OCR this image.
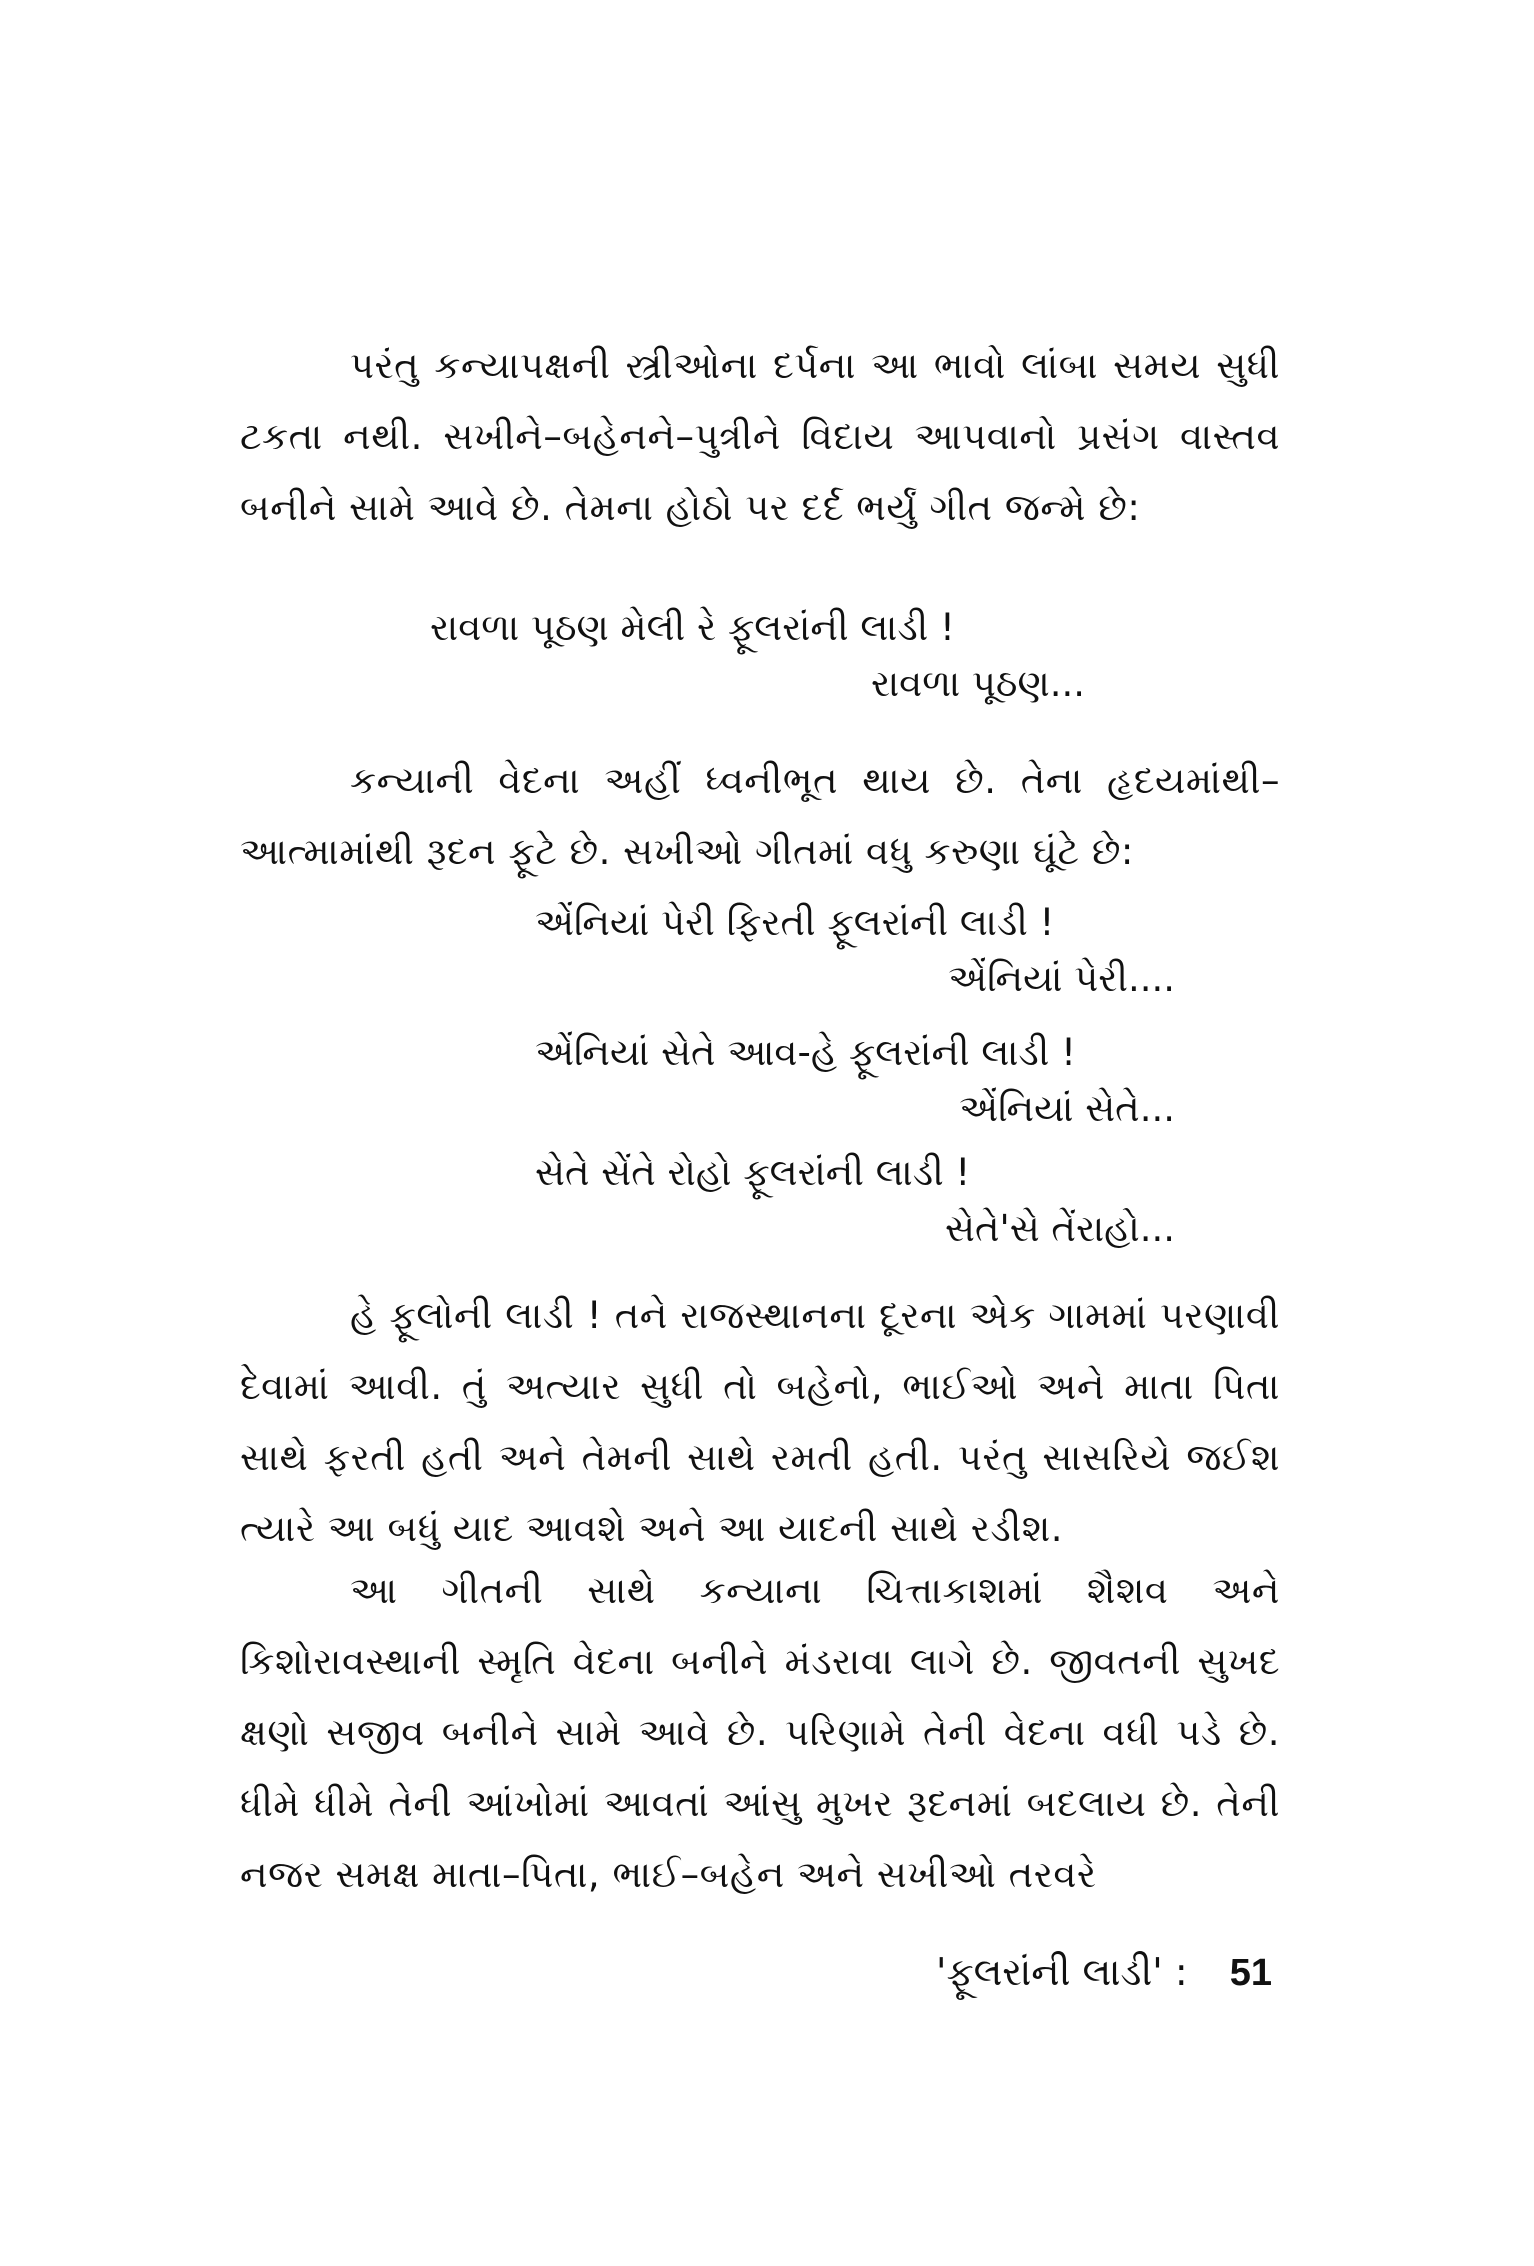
પરંતુ કન્યાપક્ષની સ્ત્રીઓના દર્પના આ ભાવો લાંબા સમય સુધી ટકતા નથી. સખીને–બહેનને–પુત્રીને વિદાય આપવાનો પ્રસંગ વાસ્તવ બનીને સામે આવે છે. તેમના હોઠો પર દર્દ ભર્યું ગીત જન્મે છે:

રાવળા પૂઠણ મેલી રે ફૂલરાંની લાડી !
રાવળા પૂઠણ...

કન્યાની વેદના અહીં ધ્વનીભૂત થાય છે. તેના હૃદયમાંથી–આત્મામાંથી રૂદન ફૂટે છે. સખીઓ ગીતમાં વધુ કરુણા ઘૂંટે છે:

એંનિયાં પેરી ફિરતી ફૂલરાંની લાડી !
એંનિયાં પેરી....
એંનિયાં સેતે આવ-હે ફૂલરાંની લાડી !
એંનિયાં સેતે...
સેતે સેંતે રોહો ફૂલરાંની લાડી !
સેતે'સે તેંરાહો...

હે ફૂલોની લાડી ! તને રાજસ્થાનના દૂરના એક ગામમાં પરણાવી દેવામાં આવી. તું અત્યાર સુધી તો બહેનો, ભાઈઓ અને માતા પિતા સાથે ફરતી હતી અને તેમની સાથે રમતી હતી. પરંતુ સાસરિયે જઈશ ત્યારે આ બધું યાદ આવશે અને આ યાદની સાથે રડીશ.

આ ગીતની સાથે કન્યાના ચિત્તાકાશમાં શૈશવ અને કિશોરાવસ્થાની સ્મૃતિ વેદના બનીને મંડરાવા લાગે છે. જીવતની સુખદ ક્ષણો સજીવ બનીને સામે આવે છે. પરિણામે તેની વેદના વધી પડે છે. ધીમે ધીમે તેની આંખોમાં આવતાં આંસુ મુખર રૂદનમાં બદલાય છે. તેની નજર સમક્ષ માતા–પિતા, ભાઈ–બહેન અને સખીઓ તરવરે

'ફૂલરાંની લાડી' : 51
